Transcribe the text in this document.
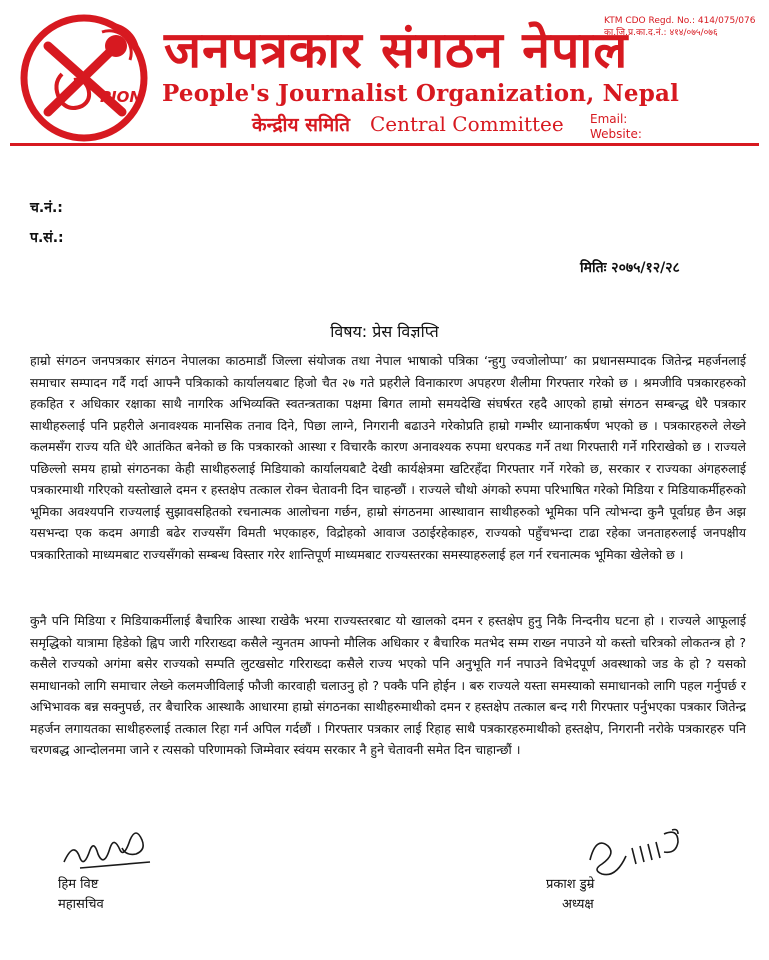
PJON
जनपत्रकार संगठन नेपाल
People's Journalist Organization, Nepal
केन्द्रीय समिति Central Committee
KTM CDO Regd. No.: 414/075/076
का.जि.प्र.का.द.नं.: ४१४/०७५/०७६
Email:
Website:
च.नं.:
प.सं.:
मितिः २०७५/१२/२८
विषय: प्रेस विज्ञप्ति
हाम्रो संगठन जनपत्रकार संगठन नेपालका काठमाडौं जिल्ला संयोजक तथा नेपाल भाषाको पत्रिका ‘न्हुगु ज्वजोलोप्पा’ का प्रधानसम्पादक जितेन्द्र महर्जनलाई समाचार सम्पादन गर्दै गर्दा आफ्नै पत्रिकाको कार्यालयबाट हिजो चैत २७ गते प्रहरीले विनाकारण अपहरण शैलीमा गिरफ्तार गरेको छ । श्रमजीवि पत्रकारहरुको हकहित र अधिकार रक्षाका साथै नागरिक अभिव्यक्ति स्वतन्त्रताका पक्षमा बिगत लामो समयदेखि संघर्षरत रहदै आएको हाम्रो संगठन सम्बन्द्ध धेरै पत्रकार साथीहरुलाई पनि प्रहरीले अनावश्यक मानसिक तनाव दिने, पिछा लाग्ने, निगरानी बढाउने गरेकोप्रति हाम्रो गम्भीर ध्यानाकर्षण भएको छ । पत्रकारहरुले लेख्ने कलमसँग राज्य यति धेरै आतंकित बनेको छ कि पत्रकारको आस्था र विचारकै कारण अनावश्यक रुपमा धरपकड गर्ने तथा गिरफ्तारी गर्ने गरिराखेको छ । राज्यले पछिल्लो समय हाम्रो संगठनका केही साथीहरुलाई मिडियाको कार्यालयबाटै देखी कार्यक्षेत्रमा खटिरहँदा गिरफ्तार गर्ने गरेको छ, सरकार र राज्यका अंगहरुलाई पत्रकारमाथी गरिएको यस्तोखाले दमन र हस्तक्षेप तत्काल रोक्न चेतावनी दिन चाहन्छौं । राज्यले चौथो अंगको रुपमा परिभाषित गरेको मिडिया र मिडियाकर्मीहरुको भूमिका अवश्यपनि राज्यलाई सुझावसहितको रचनात्मक आलोचना गर्छन, हाम्रो संगठनमा आस्थावान साथीहरुको भूमिका पनि त्योभन्दा कुनै पूर्वाग्रह छैन अझ यसभन्दा एक कदम अगाडी बढेर राज्यसँग विमती भएकाहरु, विद्रोहको आवाज उठाईरहेकाहरु, राज्यको पहुँचभन्दा टाढा रहेका जनताहरुलाई जनपक्षीय पत्रकारिताको माध्यमबाट राज्यसँगको सम्बन्ध विस्तार गरेर शान्तिपूर्ण माध्यमबाट राज्यस्तरका समस्याहरुलाई हल गर्न रचनात्मक भूमिका खेलेको छ ।
कुनै पनि मिडिया र मिडियाकर्मीलाई बैचारिक आस्था राखेकै भरमा राज्यस्तरबाट यो खालको दमन र हस्तक्षेप हुनु निकै निन्दनीय घटना हो । राज्यले आफूलाई समृद्धिको यात्रामा हिडेको ह्विप जारी गरिराख्दा कसैले न्युनतम आफ्नो मौलिक अधिकार र बैचारिक मतभेद सम्म राख्न नपाउने यो कस्तो चरित्रको लोकतन्त्र हो ? कसैले राज्यको अगंमा बसेर राज्यको सम्पति लुटखसोट गरिराख्दा कसैले राज्य भएको पनि अनुभूति गर्न नपाउने विभेदपूर्ण अवस्थाको जड के हो ? यसको समाधानको लागि समाचार लेख्ने कलमजीविलाई फौजी कारवाही चलाउनु हो ? पक्कै पनि होईन । बरु राज्यले यस्ता समस्याको समाधानको लागि पहल गर्नुपर्छ र अभिभावक बन्न सक्नुपर्छ, तर बैचारिक आस्थाकै आधारमा हाम्रो संगठनका साथीहरुमाथीको दमन र हस्तक्षेप तत्काल बन्द गरी गिरफ्तार पर्नुभएका पत्रकार जितेन्द्र महर्जन लगायतका साथीहरुलाई तत्काल रिहा गर्न अपिल गर्दछौं । गिरफ्तार पत्रकार लाई रिहाह साथै पत्रकारहरुमाथीको हस्तक्षेप, निगरानी नरोके पत्रकारहरु पनि चरणबद्ध आन्दोलनमा जाने र त्यसको परिणामको जिम्मेवार स्वंयम सरकार नै हुने चेतावनी समेत दिन चाहान्छौं ।
हिम विष्ट
महासचिव
प्रकाश डुम्रे
अध्यक्ष
